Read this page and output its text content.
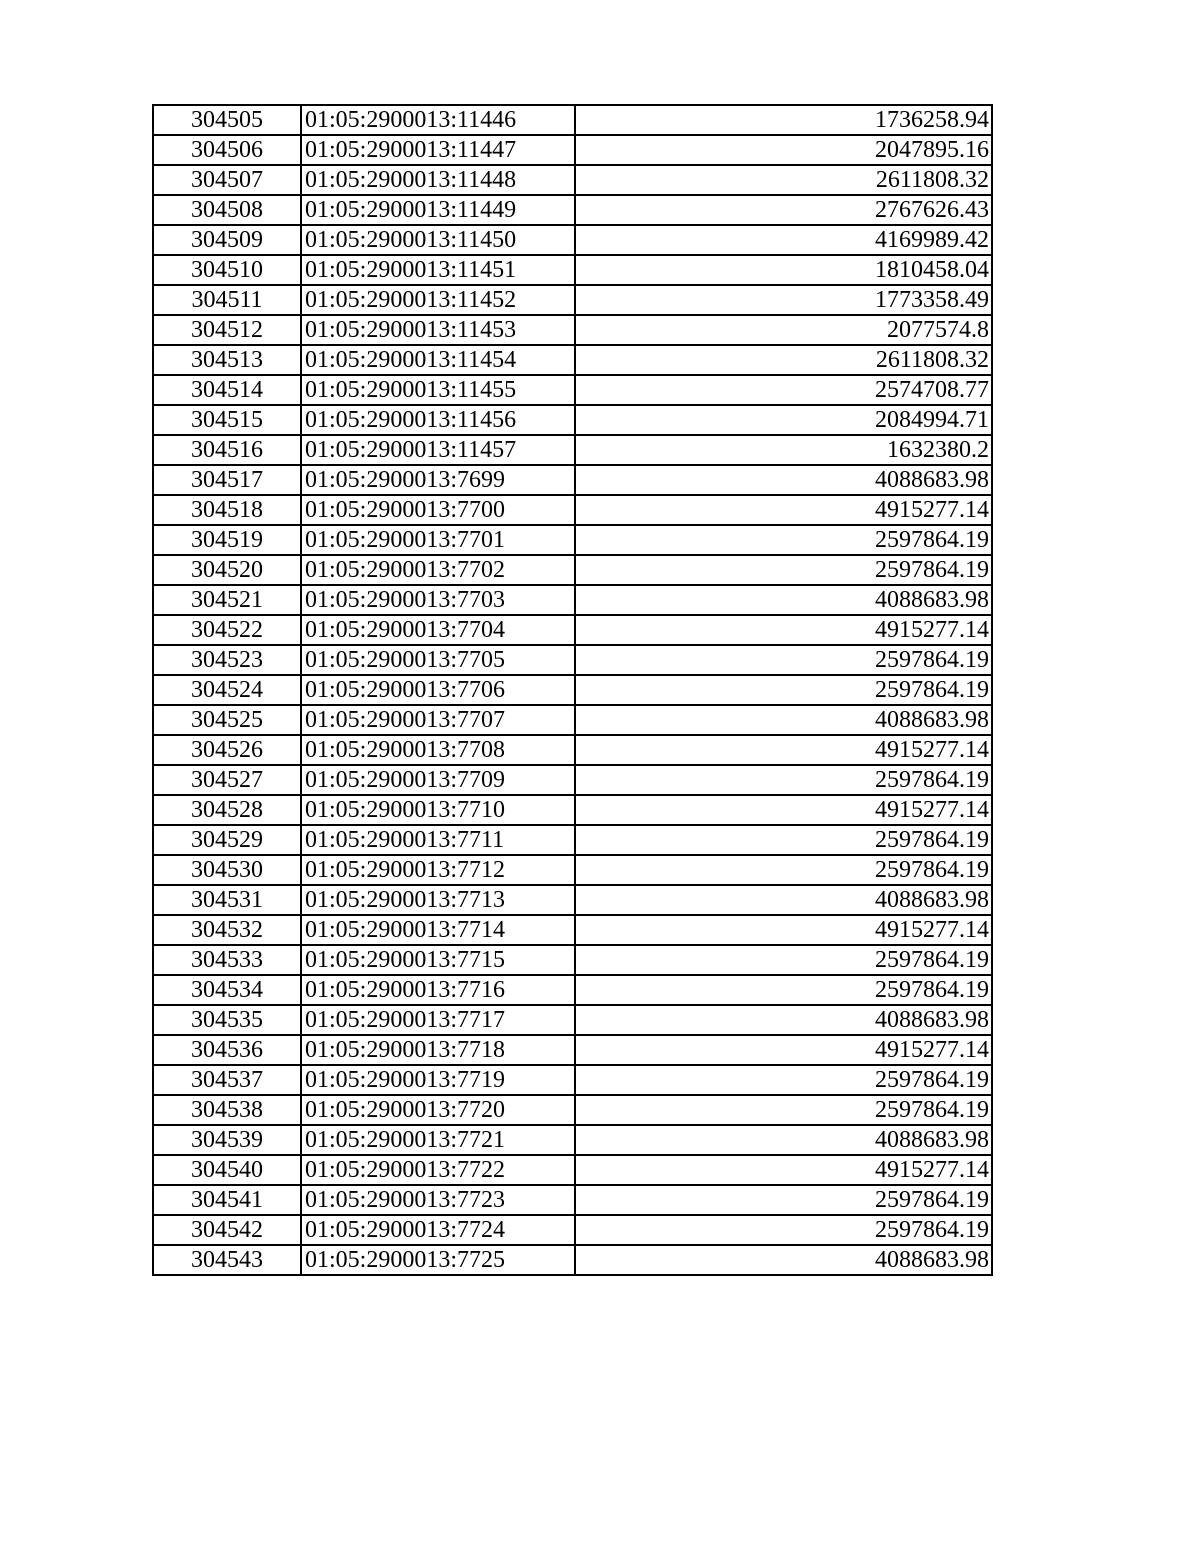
304505	01:05:2900013:11446	1736258.94
304506	01:05:2900013:11447	2047895.16
304507	01:05:2900013:11448	2611808.32
304508	01:05:2900013:11449	2767626.43
304509	01:05:2900013:11450	4169989.42
304510	01:05:2900013:11451	1810458.04
304511	01:05:2900013:11452	1773358.49
304512	01:05:2900013:11453	2077574.8
304513	01:05:2900013:11454	2611808.32
304514	01:05:2900013:11455	2574708.77
304515	01:05:2900013:11456	2084994.71
304516	01:05:2900013:11457	1632380.2
304517	01:05:2900013:7699	4088683.98
304518	01:05:2900013:7700	4915277.14
304519	01:05:2900013:7701	2597864.19
304520	01:05:2900013:7702	2597864.19
304521	01:05:2900013:7703	4088683.98
304522	01:05:2900013:7704	4915277.14
304523	01:05:2900013:7705	2597864.19
304524	01:05:2900013:7706	2597864.19
304525	01:05:2900013:7707	4088683.98
304526	01:05:2900013:7708	4915277.14
304527	01:05:2900013:7709	2597864.19
304528	01:05:2900013:7710	4915277.14
304529	01:05:2900013:7711	2597864.19
304530	01:05:2900013:7712	2597864.19
304531	01:05:2900013:7713	4088683.98
304532	01:05:2900013:7714	4915277.14
304533	01:05:2900013:7715	2597864.19
304534	01:05:2900013:7716	2597864.19
304535	01:05:2900013:7717	4088683.98
304536	01:05:2900013:7718	4915277.14
304537	01:05:2900013:7719	2597864.19
304538	01:05:2900013:7720	2597864.19
304539	01:05:2900013:7721	4088683.98
304540	01:05:2900013:7722	4915277.14
304541	01:05:2900013:7723	2597864.19
304542	01:05:2900013:7724	2597864.19
304543	01:05:2900013:7725	4088683.98
